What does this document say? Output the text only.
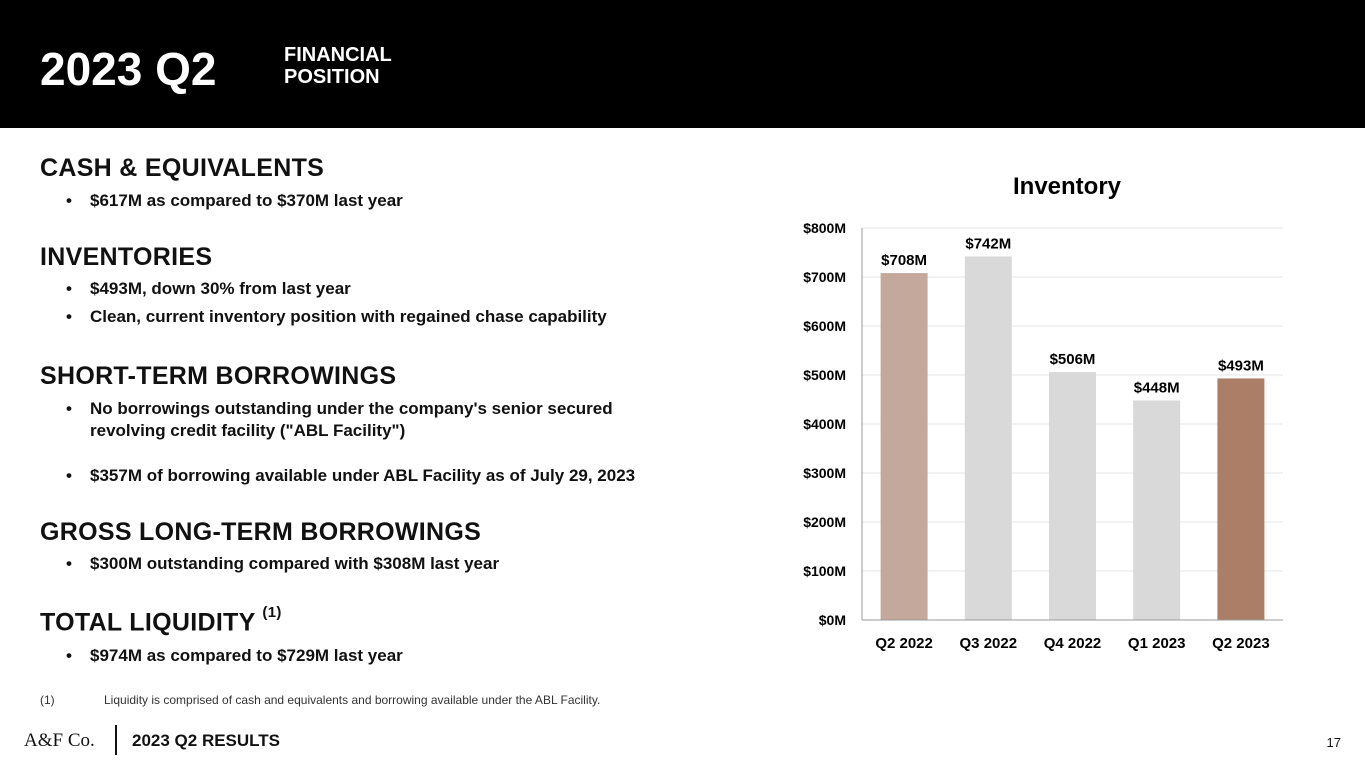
2023 Q2	FINANCIAL
POSITION
CASH & EQUIVALENTS
•	$617M as compared to $370M last year
INVENTORIES
•	$493M, down 30% from last year
•	Clean, current inventory position with regained chase capability
SHORT-TERM BORROWINGS
•	No borrowings outstanding under the company's senior secured
revolving credit facility ("ABL Facility")
•	$357M of borrowing available under ABL Facility as of July 29, 2023
GROSS LONG-TERM BORROWINGS
•	$300M outstanding compared with $308M last year
TOTAL LIQUIDITY $^{(1)}$
•	$974M as compared to $729M last year
(1)	Liquidity is comprised of cash and equivalents and borrowing available under the ABL Facility.
A&F Co. 2023 Q2 RESULTS	17
Inventory
$0M
$100M
$200M
$300M
$400M
$500M
$600M
$700M
$800M
$708M
Q2 2022
$742M
Q3 2022
$506M
Q4 2022
$448M
Q1 2023
$493M
Q2 2023
